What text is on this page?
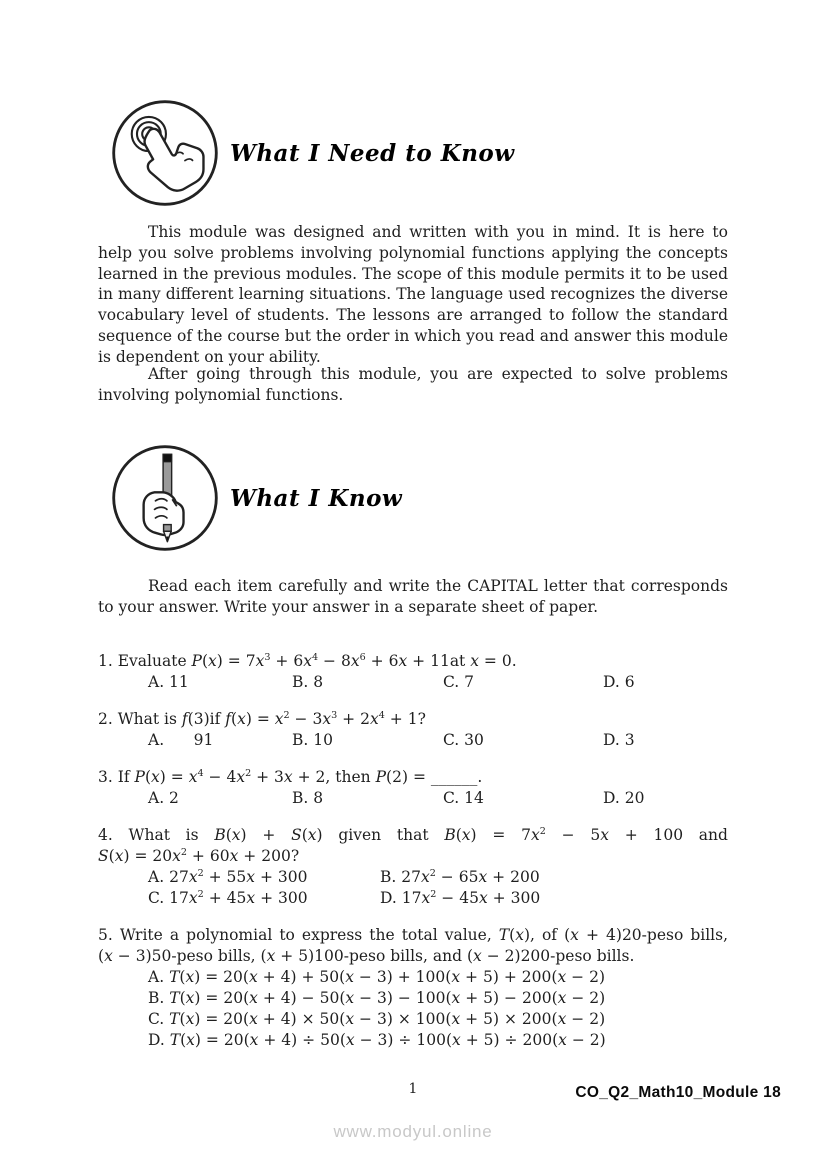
What I Need to Know
This module was designed and written with you in mind. It is here to help you solve problems involving polynomial functions applying the concepts learned in the previous modules. The scope of this module permits it to be used in many different learning situations. The language used recognizes the diverse vocabulary level of students. The lessons are arranged to follow the standard sequence of the course but the order in which you read and answer this module is dependent on your ability.
After going through this module, you are expected to solve problems involving polynomial functions.
What I Know
Read each item carefully and write the CAPITAL letter that corresponds to your answer. Write your answer in a separate sheet of paper.
1. Evaluate $P(x) = 7x^3 + 6x^4 - 8x^6 + 6x + 11at$ x = 0.
A. 11	B. 8	C. 7	D. 6
2. What is f(3)if $f(x) = x^2 - 3x^3 + 2x^4 + 1$?
A.      91	B. 10	C. 30	D. 3
3. If $P(x) = x^4 - 4x^2 + 3x + 2$, then P(2) = ______.
A. 2	B. 8	C. 14	D. 20
4. What is B(x) + S(x) given that $B(x) = 7x^2 - 5x + 100$ and
$S(x) = 20x^2 + 60x + 200$?
A. $27x^2 + 55x + 300$	B. $27x^2 - 65x + 200$
C. $17x^2 + 45x + 300$	D. $17x^2 - 45x + 300$
5. Write a polynomial to express the total value, T(x), of (x + 4)20-peso bills,
(x − 3)50-peso bills, (x + 5)100-peso bills, and (x − 2)200-peso bills.
A. T(x) = 20(x + 4) + 50(x − 3) + 100(x + 5) + 200(x − 2)
B. T(x) = 20(x + 4) − 50(x − 3) − 100(x + 5) − 200(x − 2)
C. T(x) = 20(x + 4) × 50(x − 3) × 100(x + 5) × 200(x − 2)
D. T(x) = 20(x + 4) ÷ 50(x − 3) ÷ 100(x + 5) ÷ 200(x − 2)
1	CO_Q2_Math10_Module 18
www.modyul.online
